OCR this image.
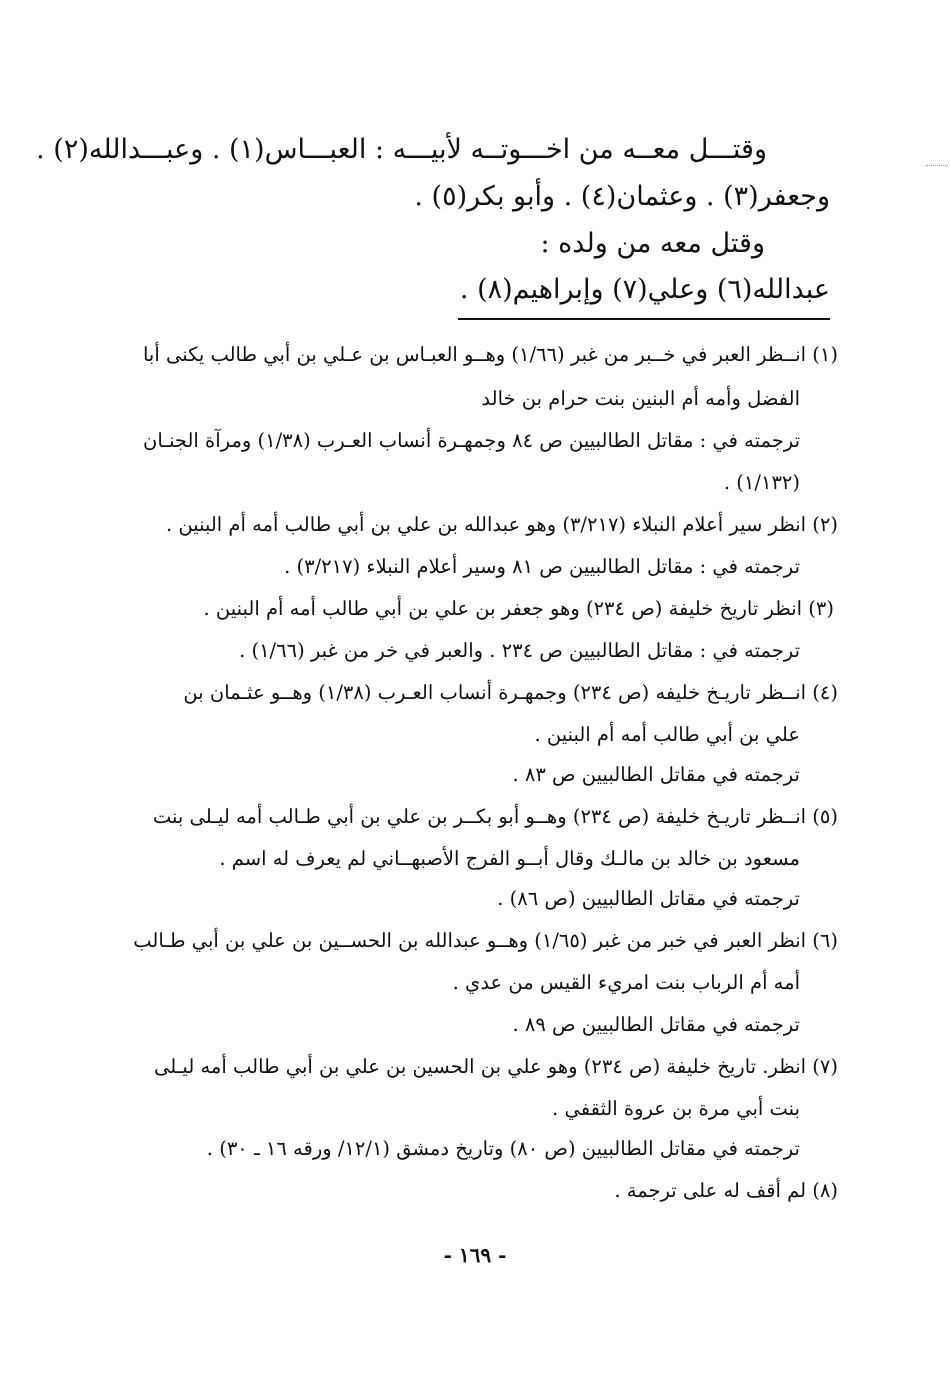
وقتـــل معــه من اخـــوتــه لأبيـــه : العبـــاس(١) . وعبـــدالله(٢) .
وجعفر(٣) . وعثمان(٤) . وأبو بكر(٥) .
وقتل معه من ولده :
عبدالله(٦) وعلي(٧) وإبراهيم(٨) .
(١) انــظر العبر في خــبر من غبر (١/٦٦) وهــو العبـاس بن عـلي بن أبي طالب يكنى أبا
الفضل وأمه أم البنين بنت حرام بن خالد
ترجمته في : مقاتل الطالبيين ص ٨٤ وجمهـرة أنساب العـرب (١/٣٨) ومرآة الجنـان
(١/١٣٢) .
(٢) انظر سير أعلام النبلاء (٣/٢١٧) وهو عبدالله بن علي بن أبي طالب أمه أم البنين .
ترجمته في : مقاتل الطالبيين ص ٨١ وسير أعلام النبلاء (٣/٢١٧) .
(٣) انظر تاريخ خليفة (ص ٢٣٤) وهو جعفر بن علي بن أبي طالب أمه أم البنين .
ترجمته في : مقاتل الطالبيين ص ٢٣٤ . والعبر في خر من غبر (١/٦٦) .
(٤) انــظر تاريـخ خليفه (ص ٢٣٤) وجمهـرة أنساب العـرب (١/٣٨) وهــو عثـمان بن
علي بن أبي طالب أمه أم البنين .
ترجمته في مقاتل الطالبيين ص ٨٣ .
(٥) انــظر تاريـخ خليفة (ص ٢٣٤) وهــو أبو بكــر بن علي بن أبي طـالب أمه ليـلى بنت
مسعود بن خالد بن مالـك وقال أبــو الفرج الأصبهــاني لم يعرف له اسم .
ترجمته في مقاتل الطالبيين (ص ٨٦) .
(٦) انظر العبر في خبر من غبر (١/٦٥) وهــو عبدالله بن الحســين بن علي بن أبي طـالب
أمه أم الرباب بنت امريء القيس من عدي .
ترجمته في مقاتل الطالبيين ص ٨٩ .
(٧) انظر. تاريخ خليفة (ص ٢٣٤) وهو علي بن الحسين بن علي بن أبي طالب أمه ليـلى
بنت أبي مرة بن عروة الثقفي .
ترجمته في مقاتل الطالبيين (ص ٨٠) وتاريخ دمشق (١٢/١/ ورقه ١٦ ـ ٣٠) .
(٨) لم أقف له على ترجمة .
- ١٦٩ -
